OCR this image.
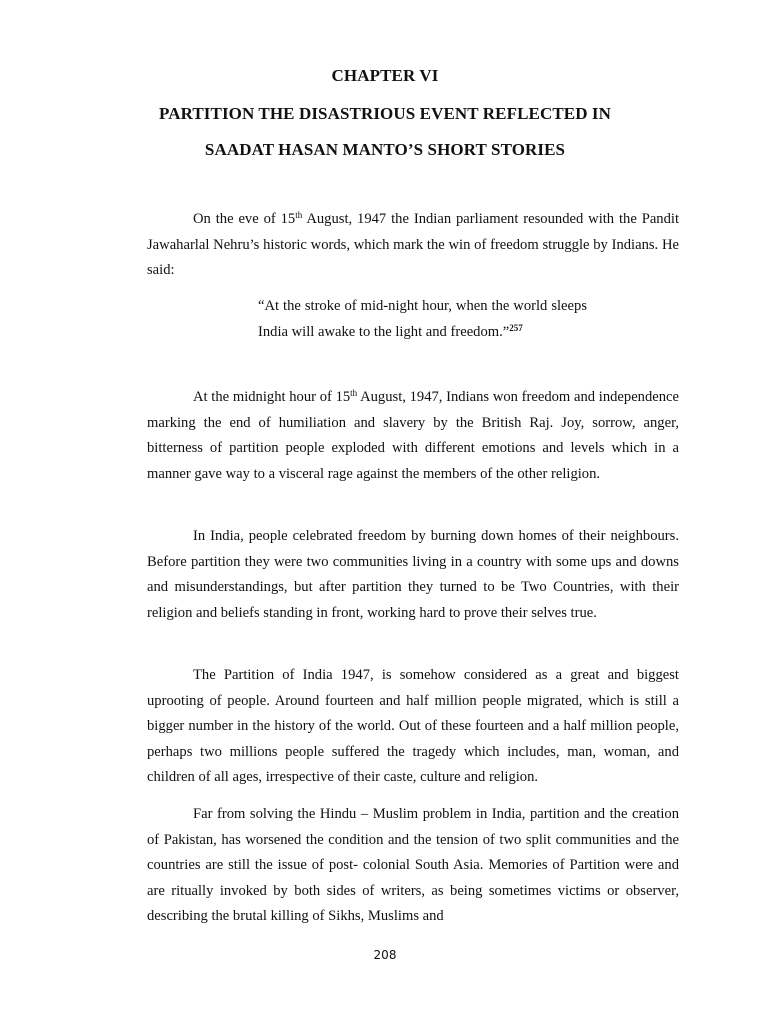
CHAPTER VI
PARTITION THE DISASTRIOUS EVENT REFLECTED IN
SAADAT HASAN MANTO’S SHORT STORIES
On the eve of 15th August, 1947 the Indian parliament resounded with the Pandit Jawaharlal Nehru’s historic words, which mark the win of freedom struggle by Indians. He said:
“At the stroke of mid-night hour, when the world sleeps India will awake to the light and freedom.”$^{257}$
At the midnight hour of 15th August, 1947, Indians won freedom and independence marking the end of humiliation and slavery by the British Raj. Joy, sorrow, anger, bitterness of partition people exploded with different emotions and levels which in a manner gave way to a visceral rage against the members of the other religion.
In India, people celebrated freedom by burning down homes of their neighbours. Before partition they were two communities living in a country with some ups and downs and misunderstandings, but after partition they turned to be Two Countries, with their religion and beliefs standing in front, working hard to prove their selves true.
The Partition of India 1947, is somehow considered as a great and biggest uprooting of people. Around fourteen and half million people migrated, which is still a bigger number in the history of the world. Out of these fourteen and a half million people, perhaps two millions people suffered the tragedy which includes, man, woman, and children of all ages, irrespective of their caste, culture and religion.
Far from solving the Hindu – Muslim problem in India, partition and the creation of Pakistan, has worsened the condition and the tension of two split communities and the countries are still the issue of post- colonial South Asia. Memories of Partition were and are ritually invoked by both sides of writers, as being sometimes victims or observer, describing the brutal killing of Sikhs, Muslims and
208
